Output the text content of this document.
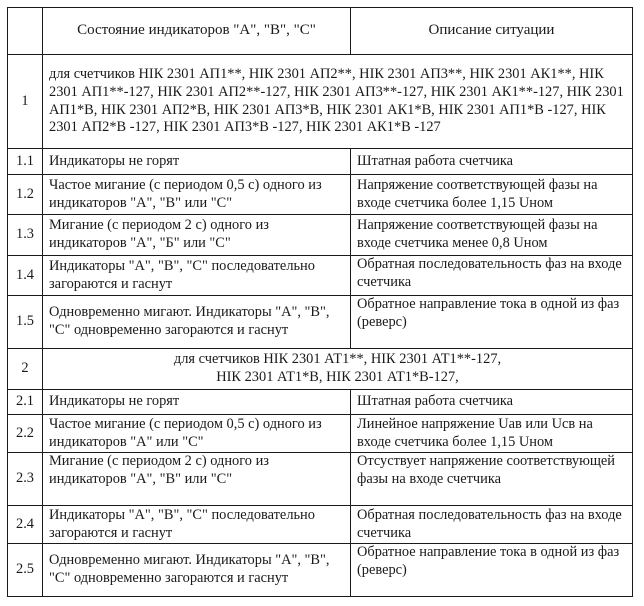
	Состояние индикаторов "А", "В", "С"	Описание ситуации
1	для счетчиков НІК 2301 АП1**, НІК 2301 АП2**, НІК 2301 АП3**, НІК 2301 АК1**, НІК 2301 АП1**-127, НІК 2301 АП2**-127, НІК 2301 АП3**-127, НІК 2301 АК1**-127, НІК 2301 АП1*В, НІК 2301 АП2*В, НІК 2301 АП3*В, НІК 2301 АК1*В, НІК 2301 АП1*В -127, НІК 2301 АП2*В -127, НІК 2301 АП3*В -127, НІК 2301 АК1*В -127	
1.1	Индикаторы не горят	Штатная работа счетчика
1.2	Частое мигание (с периодом 0,5 с) одного из индикаторов "А", "В" или "С"	Напряжение соответствующей фазы на входе счетчика более 1,15 Uном
1.3	Мигание (с периодом 2 с) одного из индикаторов "А", "Б" или "С"	Напряжение соответствующей фазы на входе счетчика менее 0,8 Uном
1.4	Индикаторы "А", "В", "С" последовательно загораются и гаснут	Обратная последовательность фаз на входе счетчика
1.5	Одновременно мигают. Индикаторы "А", "В", "С" одновременно загораются и гаснут	Обратное направление тока в одной из фаз (реверс)
2	для счетчиков НІК 2301 АТ1**, НІК 2301 АТ1**-127,
НІК 2301 АТ1*В, НІК 2301 АТ1*В-127,	

2.1	Индикаторы не горят	Штатная работа счетчика
2.2	Частое мигание (с периодом 0,5 с) одного из индикаторов "А" или "С"	Линейное напряжение Uав или Uсв на входе счетчика более 1,15 Uном
2.3	Мигание (с периодом 2 с) одного из индикаторов "А", "В" или "С"	Отсуствует напряжение соответствующей фазы на входе счетчика
2.4	Индикаторы "А", "В", "С" последовательно загораются и гаснут	Обратная последовательность фаз на входе счетчика
2.5	Одновременно мигают. Индикаторы "А", "В", "С" одновременно загораются и гаснут	Обратное направление тока в одной из фаз (реверс)
